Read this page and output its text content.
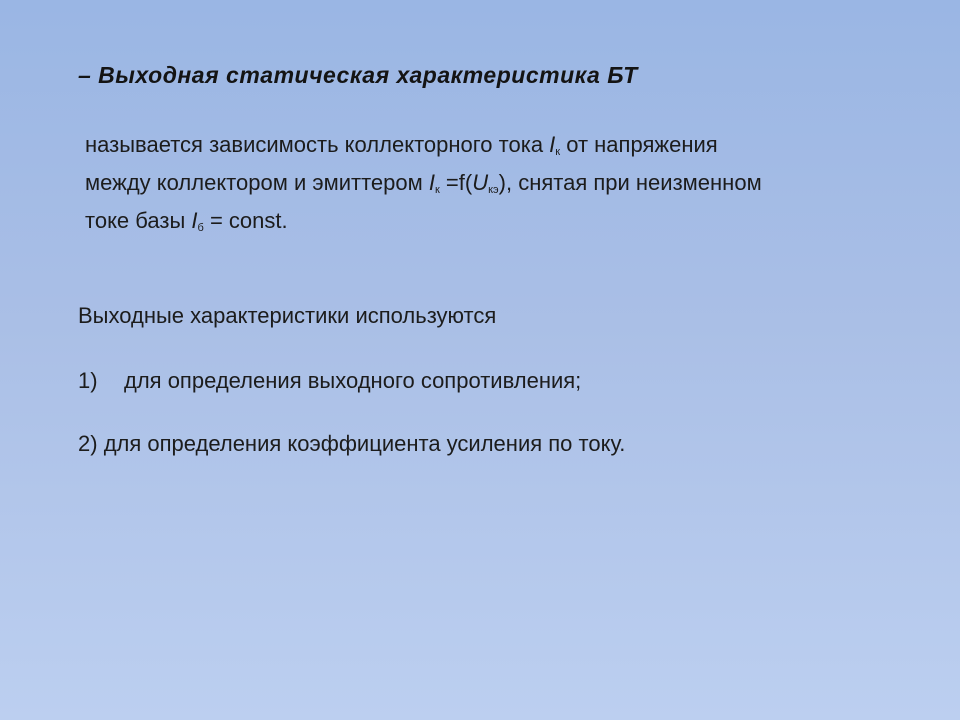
– Выходная статическая характеристика БТ
называется зависимость коллекторного тока $I_к$ от напряжения
между коллектором и эмиттером $I_к =f(U_{кэ})$, снятая при неизменном
токе базы $I_б$ = const.
Выходные характеристики используются
1) для определения выходного сопротивления;
2) для определения коэффициента усиления по току.
